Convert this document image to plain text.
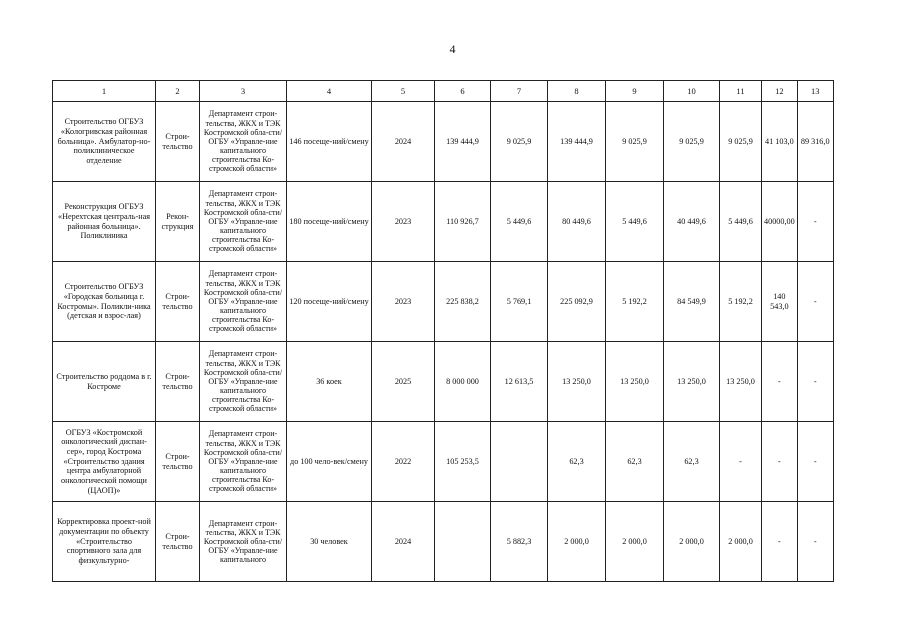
4
1	2	3	4	5	6	7	8	9	10	11	12	13
Строительство ОГБУЗ «Кологривская районная больница». Амбулатор-но-поликлиническое отделение	Строи-тельство	Департамент строи-тельства, ЖКХ и ТЭК Костромской обла-сти/ОГБУ «Управле-ние капитального строительства Ко-стромской области»	146 посеще-ний/смену	2024	139 444,9	9 025,9	139 444,9	9 025,9	9 025,9	9 025,9	41 103,0	89 316,0
Реконструкция ОГБУЗ «Нерехтская централь-ная районная больница». Поликлиника	Рекон-струкция	Департамент строи-тельства, ЖКХ и ТЭК Костромской обла-сти/ОГБУ «Управле-ние капитального строительства Ко-стромской области»	180 посеще-ний/смену	2023	110 926,7	5 449,6	80 449,6	5 449,6	40 449,6	5 449,6	40000,00	-
Строительство ОГБУЗ «Городская больница г. Костромы». Поликли-ника (детская и взрос-лая)	Строи-тельство	Департамент строи-тельства, ЖКХ и ТЭК Костромской обла-сти/ОГБУ «Управле-ние капитального строительства Ко-стромской области»	120 посеще-ний/смену	2023	225 838,2	5 769,1	225 092,9	5 192,2	84 549,9	5 192,2	140 543,0	-
Строительство роддома в г. Костроме	Строи-тельство	Департамент строи-тельства, ЖКХ и ТЭК Костромской обла-сти/ОГБУ «Управле-ние капитального строительства Ко-стромской области»	36 коек	2025	8 000 000	12 613,5	13 250,0	13 250,0	13 250,0	13 250,0	-	-
ОГБУЗ «Костромской онкологический диспан-сер», город Кострома «Строительство здания центра амбулаторной онкологической помощи (ЦАОП)»	Строи-тельство	Департамент строи-тельства, ЖКХ и ТЭК Костромской обла-сти/ОГБУ «Управле-ние капитального строительства Ко-стромской области»	до 100 чело-век/смену	2022	105 253,5		62,3	62,3	62,3	-	-	-
Корректировка проект-ной документации по объекту «Строительство спортивного зала для физкультурно-	Строи-тельство	Департамент строи-тельства, ЖКХ и ТЭК Костромской обла-сти/ОГБУ «Управле-ние капитального	30 человек	2024		5 882,3	2 000,0	2 000,0	2 000,0	2 000,0	-	-
